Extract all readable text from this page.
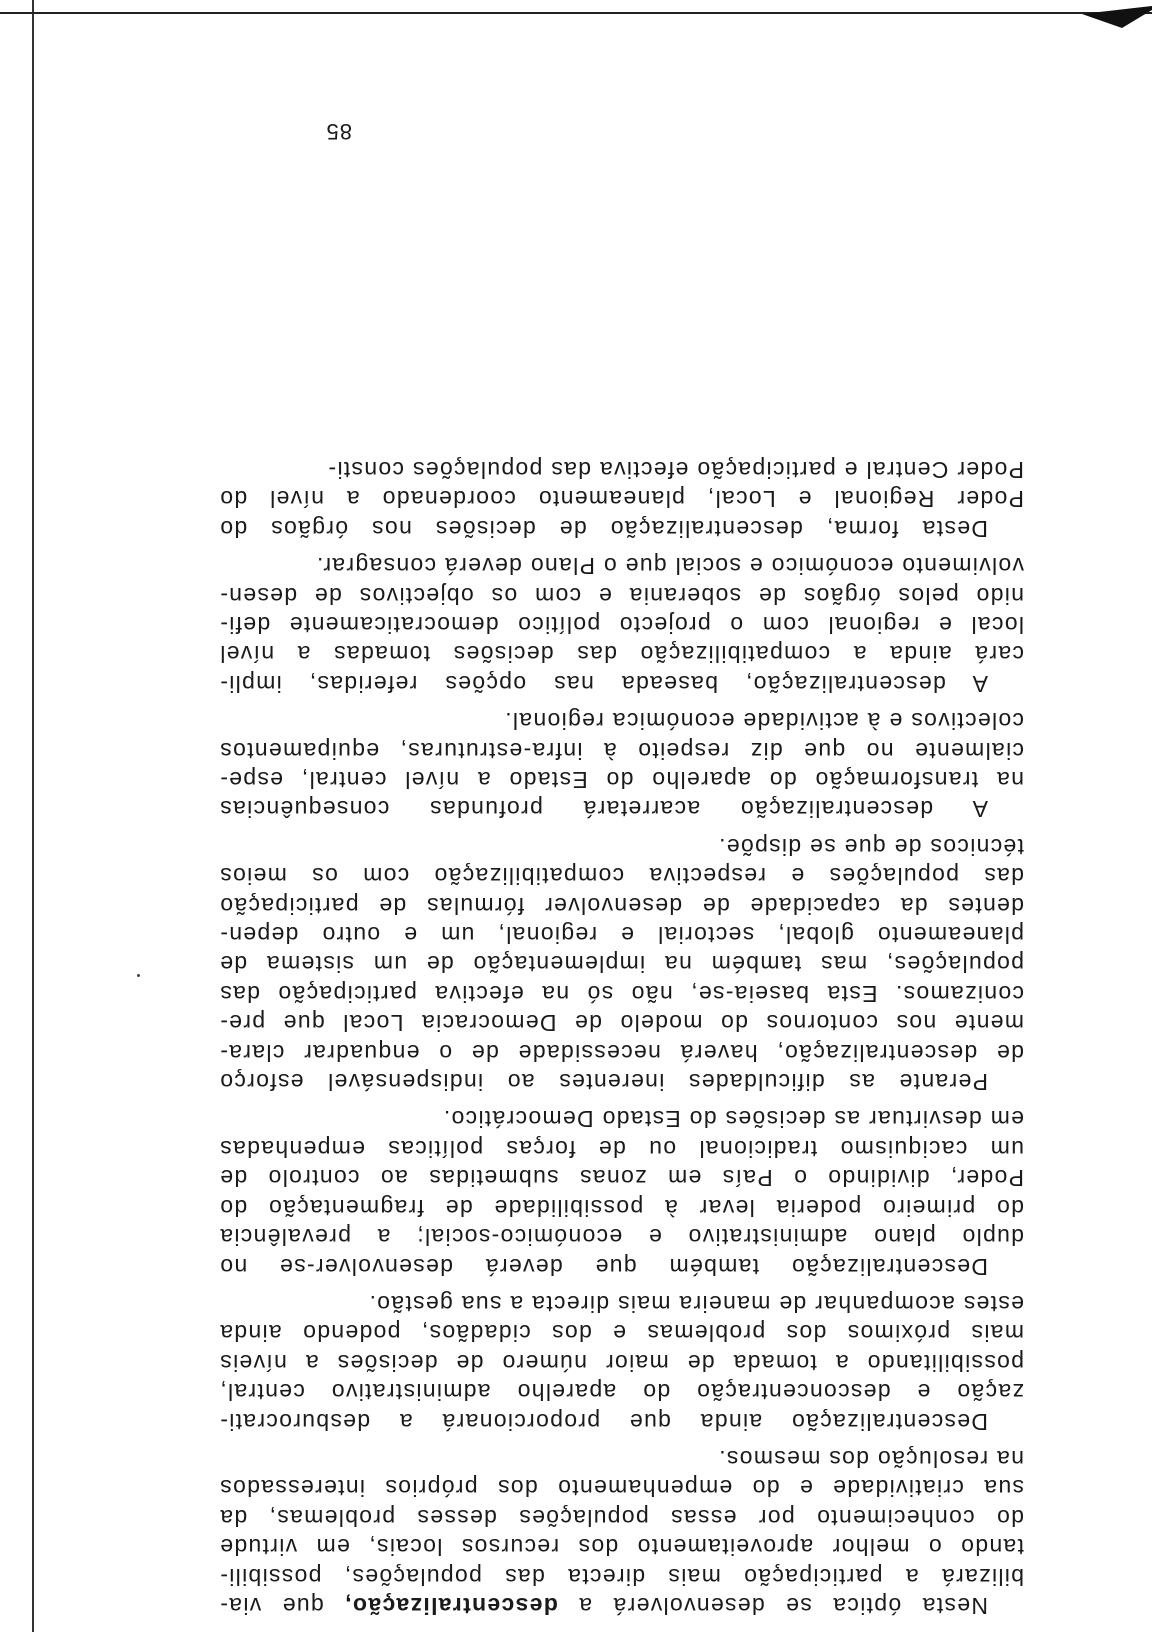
Nesta óptica se desenvolverá a descentralização, que via-
bilizará a participação mais directa das populações, possibili-
tando o melhor aproveitamento dos recursos locais, em virtude
do conhecimento por essas populações desses problemas, da
sua criatividade e do empenhamento dos próprios interessados
na resolução dos mesmos.
Descentralização ainda que proporcionará a desburocrati-
zação e desconcentração do aparelho administrativo central,
possibilitando a tomada de maior número de decisões a níveis
mais próximos dos problemas e dos cidadãos, podendo ainda
estes acompanhar de maneira mais directa a sua gestão.
Descentralização também que deverá desenvolver-se no
duplo plano administrativo e económico-social; a prevalência
do primeiro poderia levar à possibilidade de fragmentação do
Poder, dividindo o País em zonas submetidas ao controlo de
um caciquismo tradicional ou de forças políticas empenhadas
em desvirtuar as decisões do Estado Democrático.
Perante as dificuldades inerentes ao indispensável esforço
de descentralização, haverá necessidade de o enquadrar clara-
mente nos contornos do modelo de Democracia Local que pre-
conizamos. Esta baseia-se, não só na efectiva participação das
populações, mas também na implementação de um sistema de
planeamento global, sectorial e regional, um e outro depen-
dentes da capacidade de desenvolver fórmulas de participação
das populações e respectiva compatibilização com os meios
técnicos de que se dispõe.
A descentralização acarretará profundas consequências
na transformação do aparelho do Estado a nível central, espe-
cialmente no que diz respeito à infra-estruturas, equipamentos
colectivos e à actividade económica regional.
A descentralização, baseada nas opções referidas, impli-
cará ainda a compatibilização das decisões tomadas a nível
local e regional com o projecto político democraticamente defi-
nido pelos órgãos de soberania e com os objectivos de desen-
volvimento económico e social que o Plano deverá consagrar.
Desta forma, descentralização de decisões nos órgãos do
Poder Regional e Local, planeamento coordenado a nível do
Poder Central e participação efectiva das populações consti-
85
